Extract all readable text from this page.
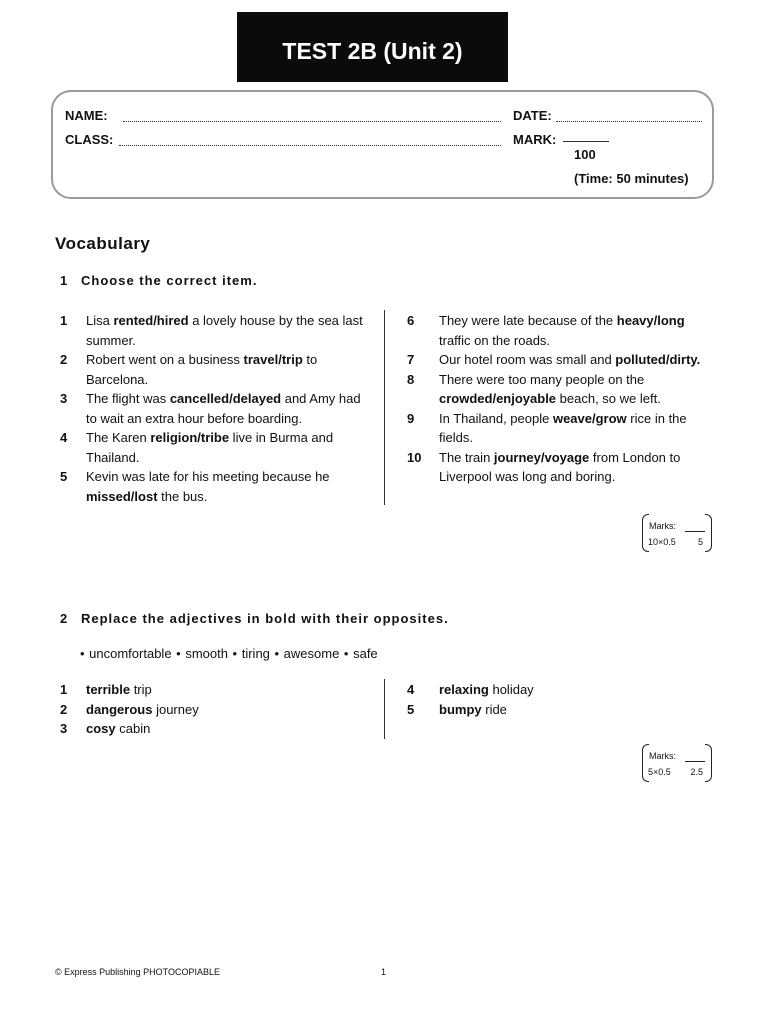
TEST 2B (Unit 2)
NAME:
CLASS:
DATE:
MARK:
100
(Time: 50 minutes)
Vocabulary
1 Choose the correct item.
1 Lisa rented/hired a lovely house by the sea last summer.
2 Robert went on a business travel/trip to Barcelona.
3 The flight was cancelled/delayed and Amy had to wait an extra hour before boarding.
4 The Karen religion/tribe live in Burma and Thailand.
5 Kevin was late for his meeting because he missed/lost the bus.
6 They were late because of the heavy/long traffic on the roads.
7 Our hotel room was small and polluted/dirty.
8 There were too many people on the crowded/enjoyable beach, so we left.
9 In Thailand, people weave/grow rice in the fields.
10 The train journey/voyage from London to Liverpool was long and boring.
Marks:
10×0.5 5
2 Replace the adjectives in bold with their opposites.
• uncomfortable • smooth • tiring • awesome • safe
1 terrible trip
2 dangerous journey
3 cosy cabin
4 relaxing holiday
5 bumpy ride
Marks:
5×0.5 2.5
© Express Publishing PHOTOCOPIABLE	1
